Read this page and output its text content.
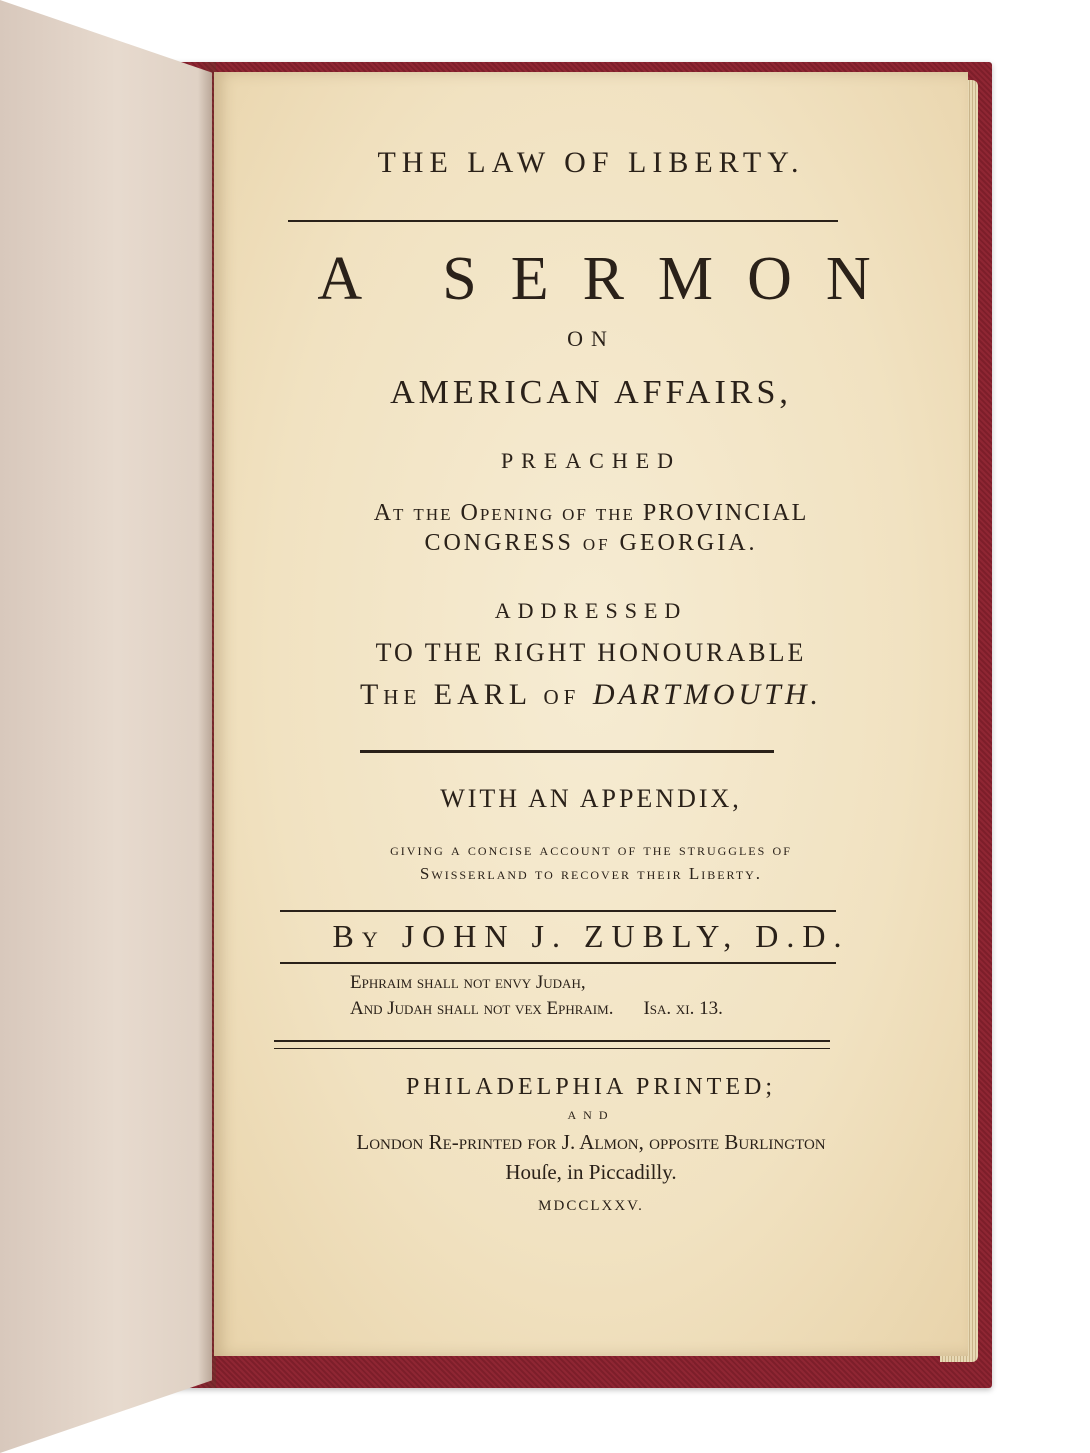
THE LAW OF LIBERTY.
A SERMON
ON
AMERICAN AFFAIRS,
PREACHED
At the Opening of the PROVINCIAL
CONGRESS of GEORGIA.
ADDRESSED
TO THE RIGHT HONOURABLE
The EARL of DARTMOUTH.
WITH AN APPENDIX,
giving a concise account of the struggles of
Swisserland to recover their Liberty.
By JOHN J. ZUBLY, D.D.
Ephraim ſhall not envy Judah,
And Judah ſhall not vex Ephraim. Isa. xi. 13.
PHILADELPHIA PRINTED;
AND
London Re-printed for J. Almon, oppoſite Burlington
Houſe, in Piccadilly.
MDCCLXXV.
